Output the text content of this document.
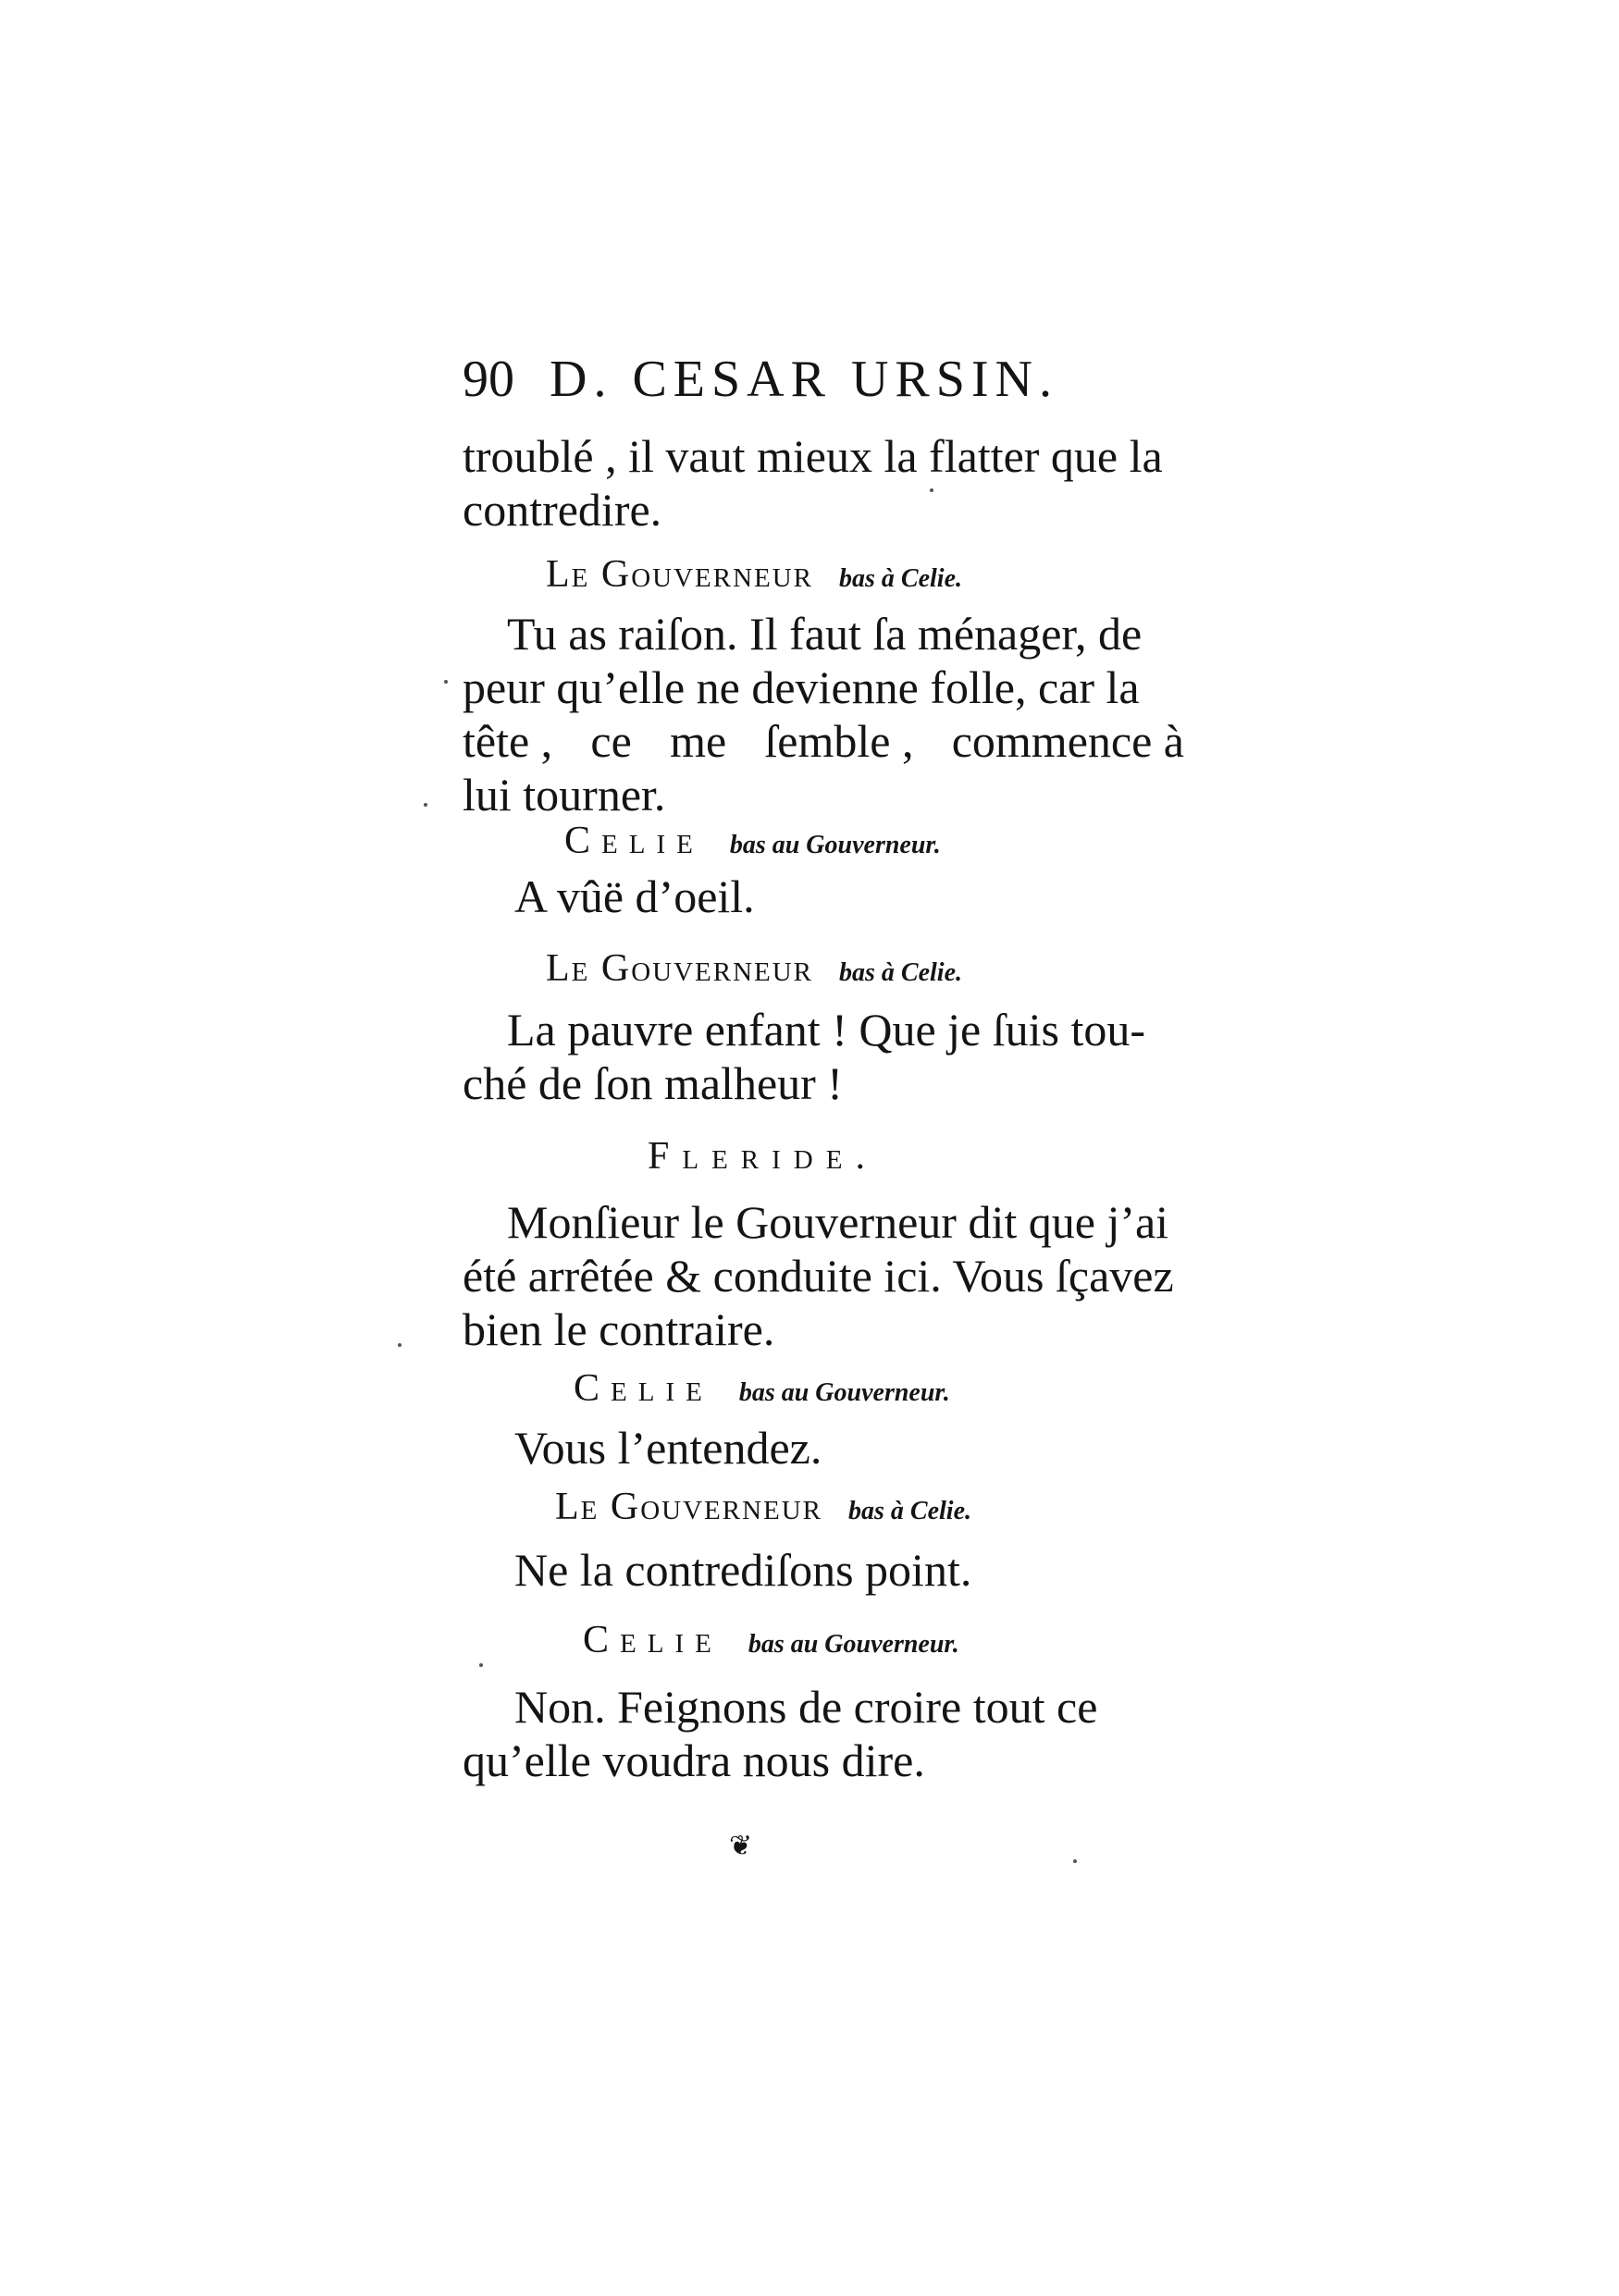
90 D. CESAR URSIN.
troublé , il vaut mieux la flatter que la
contredire.
Le Gouverneur bas à Celie.
Tu as raiſon. Il faut ſa ménager, de
peur qu’elle ne devienne folle, car la
tête , ce me ſemble , commence à
lui tourner.
Celie bas au Gouverneur.
A vûë d’oeil.
Le Gouverneur bas à Celie.
La pauvre enfant ! Que je ſuis tou-
ché de ſon malheur !
Fleride.
Monſieur le Gouverneur dit que j’ai
été arrêtée & conduite ici. Vous ſçavez
bien le contraire.
Celie bas au Gouverneur.
Vous l’entendez.
Le Gouverneur bas à Celie.
Ne la contrediſons point.
Celie bas au Gouverneur.
Non. Feignons de croire tout ce
qu’elle voudra nous dire.
❦
